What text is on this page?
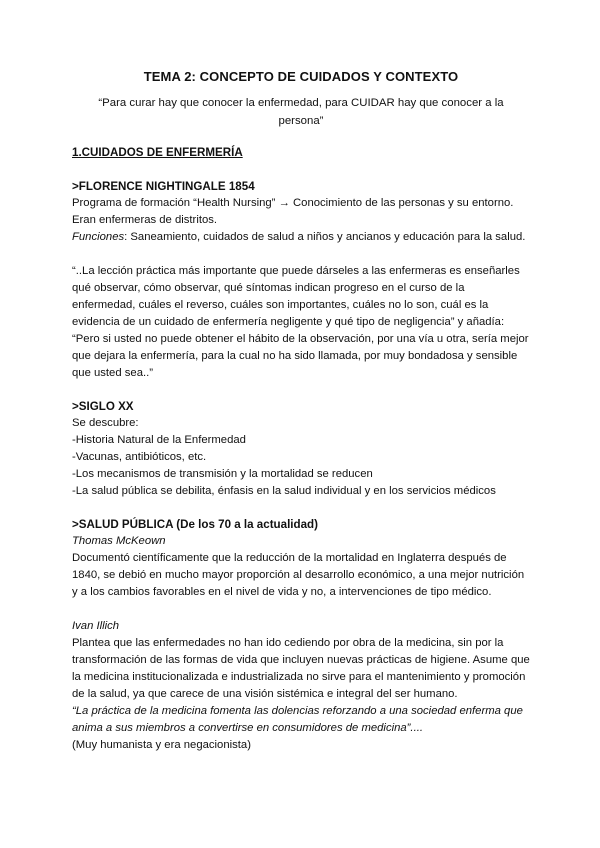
TEMA 2: CONCEPTO DE CUIDADOS Y CONTEXTO

“Para curar hay que conocer la enfermedad, para CUIDAR hay que conocer a la persona”

1.CUIDADOS DE ENFERMERÍA

>FLORENCE NIGHTINGALE 1854

Programa de formación “Health Nursing” → Conocimiento de las personas y su entorno. Eran enfermeras de distritos.

Funciones: Saneamiento, cuidados de salud a niños y ancianos y educación para la salud.

“..La lección práctica más importante que puede dárseles a las enfermeras es enseñarles qué observar, cómo observar, qué síntomas indican progreso en el curso de la enfermedad, cuáles el reverso, cuáles son importantes, cuáles no lo son, cuál es la evidencia de un cuidado de enfermería negligente y qué tipo de negligencia” y añadía: “Pero si usted no puede obtener el hábito de la observación, por una vía u otra, sería mejor que dejara la enfermería, para la cual no ha sido llamada, por muy bondadosa y sensible que usted sea..”

>SIGLO XX

Se descubre:

-Historia Natural de la Enfermedad

-Vacunas, antibióticos, etc.

-Los mecanismos de transmisión y la mortalidad se reducen

-La salud pública se debilita, énfasis en la salud individual y en los servicios médicos

>SALUD PÚBLICA (De los 70 a la actualidad)

Thomas McKeown

Documentó científicamente que la reducción de la mortalidad en Inglaterra después de 1840, se debió en mucho mayor proporción al desarrollo económico, a una mejor nutrición y a los cambios favorables en el nivel de vida y no, a intervenciones de tipo médico.

Ivan Illich

Plantea que las enfermedades no han ido cediendo por obra de la medicina, sin por la transformación de las formas de vida que incluyen nuevas prácticas de higiene. Asume que la medicina institucionalizada e industrializada no sirve para el mantenimiento y promoción de la salud, ya que carece de una visión sistémica e integral del ser humano.

“La práctica de la medicina fomenta las dolencias reforzando a una sociedad enferma que anima a sus miembros a convertirse en consumidores de medicina”....

(Muy humanista y era negacionista)
